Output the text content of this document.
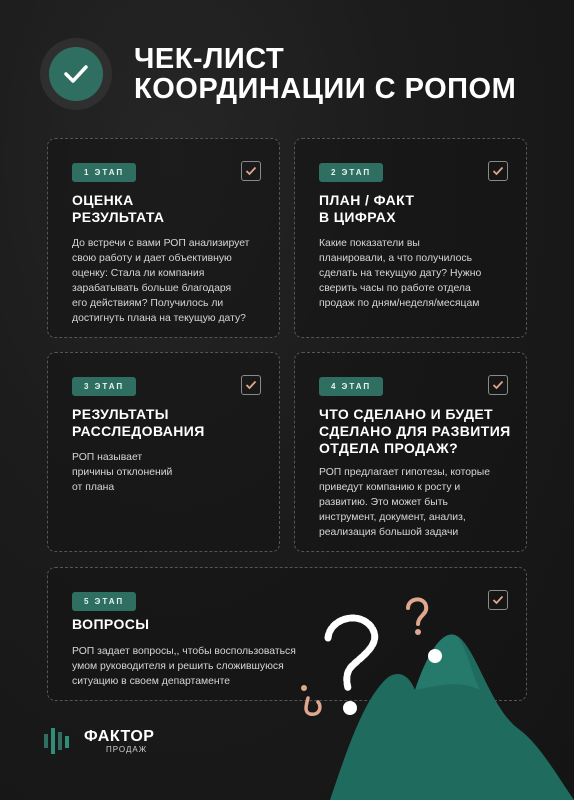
ЧЕК-ЛИСТ
КООРДИНАЦИИ С РОПОМ
1 ЭТАП
ОЦЕНКА
РЕЗУЛЬТАТА
До встречи с вами РОП анализирует
свою работу и дает объективную
оценку: Стала ли компания
зарабатывать больше благодаря
его действиям? Получилось ли
достигнуть плана на текущую дату?
2 ЭТАП
ПЛАН / ФАКТ
В ЦИФРАХ
Какие показатели вы
планировали, а что получилось
сделать на текущую дату? Нужно
сверить часы по работе отдела
продаж по дням/неделя/месяцам
3 ЭТАП
РЕЗУЛЬТАТЫ
РАССЛЕДОВАНИЯ
РОП называет
причины отклонений
от плана
4 ЭТАП
ЧТО СДЕЛАНО И БУДЕТ
СДЕЛАНО ДЛЯ РАЗВИТИЯ
ОТДЕЛА ПРОДАЖ?
РОП предлагает гипотезы, которые
приведут компанию к росту и
развитию. Это может быть
инструмент, документ, анализ,
реализация большой задачи
5 ЭТАП
ВОПРОСЫ
РОП задает вопросы,, чтобы воспользоваться
умом руководителя и решить сложившуюся
ситуацию в своем департаменте
ФАКТОР
ПРОДАЖ
